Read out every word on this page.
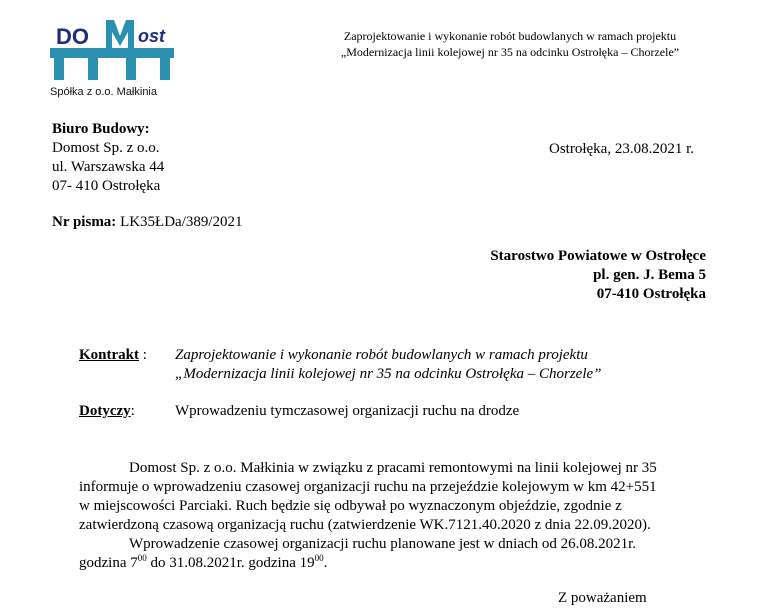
DO	ost
Spółka z o.o. Małkinia
Zaprojektowanie i wykonanie robót budowlanych w ramach projektu
„Modernizacja linii kolejowej nr 35 na odcinku Ostrołęka – Chorzele”
Biuro Budowy:
Domost Sp. z o.o.
ul. Warszawska 44
07- 410 Ostrołęka
Ostrołęka, 23.08.2021 r.
Nr pisma: LK35ŁDa/389/2021
Starostwo Powiatowe w Ostrołęce
pl. gen. J. Bema 5
07-410 Ostrołęka
Kontrakt : Zaprojektowanie i wykonanie robót budowlanych w ramach projektu
„Modernizacja linii kolejowej nr 35 na odcinku Ostrołęka – Chorzele”
Dotyczy:	Wprowadzeniu tymczasowej organizacji ruchu na drodze

Domost Sp. z o.o. Małkinia w związku z pracami remontowymi na linii kolejowej nr 35

informuje o wprowadzeniu czasowej organizacji ruchu na przejeździe kolejowym w km 42+551

w miejscowości Parciaki. Ruch będzie się odbywał po wyznaczonym objeździe, zgodnie z

zatwierdzoną czasową organizacją ruchu (zatwierdzenie WK.7121.40.2020 z dnia 22.09.2020).

Wprowadzenie czasowej organizacji ruchu planowane jest w dniach od 26.08.2021r.

godzina $7^{00}$ do 31.08.2021r. godzina $19^{00}$.

Z poważaniem
